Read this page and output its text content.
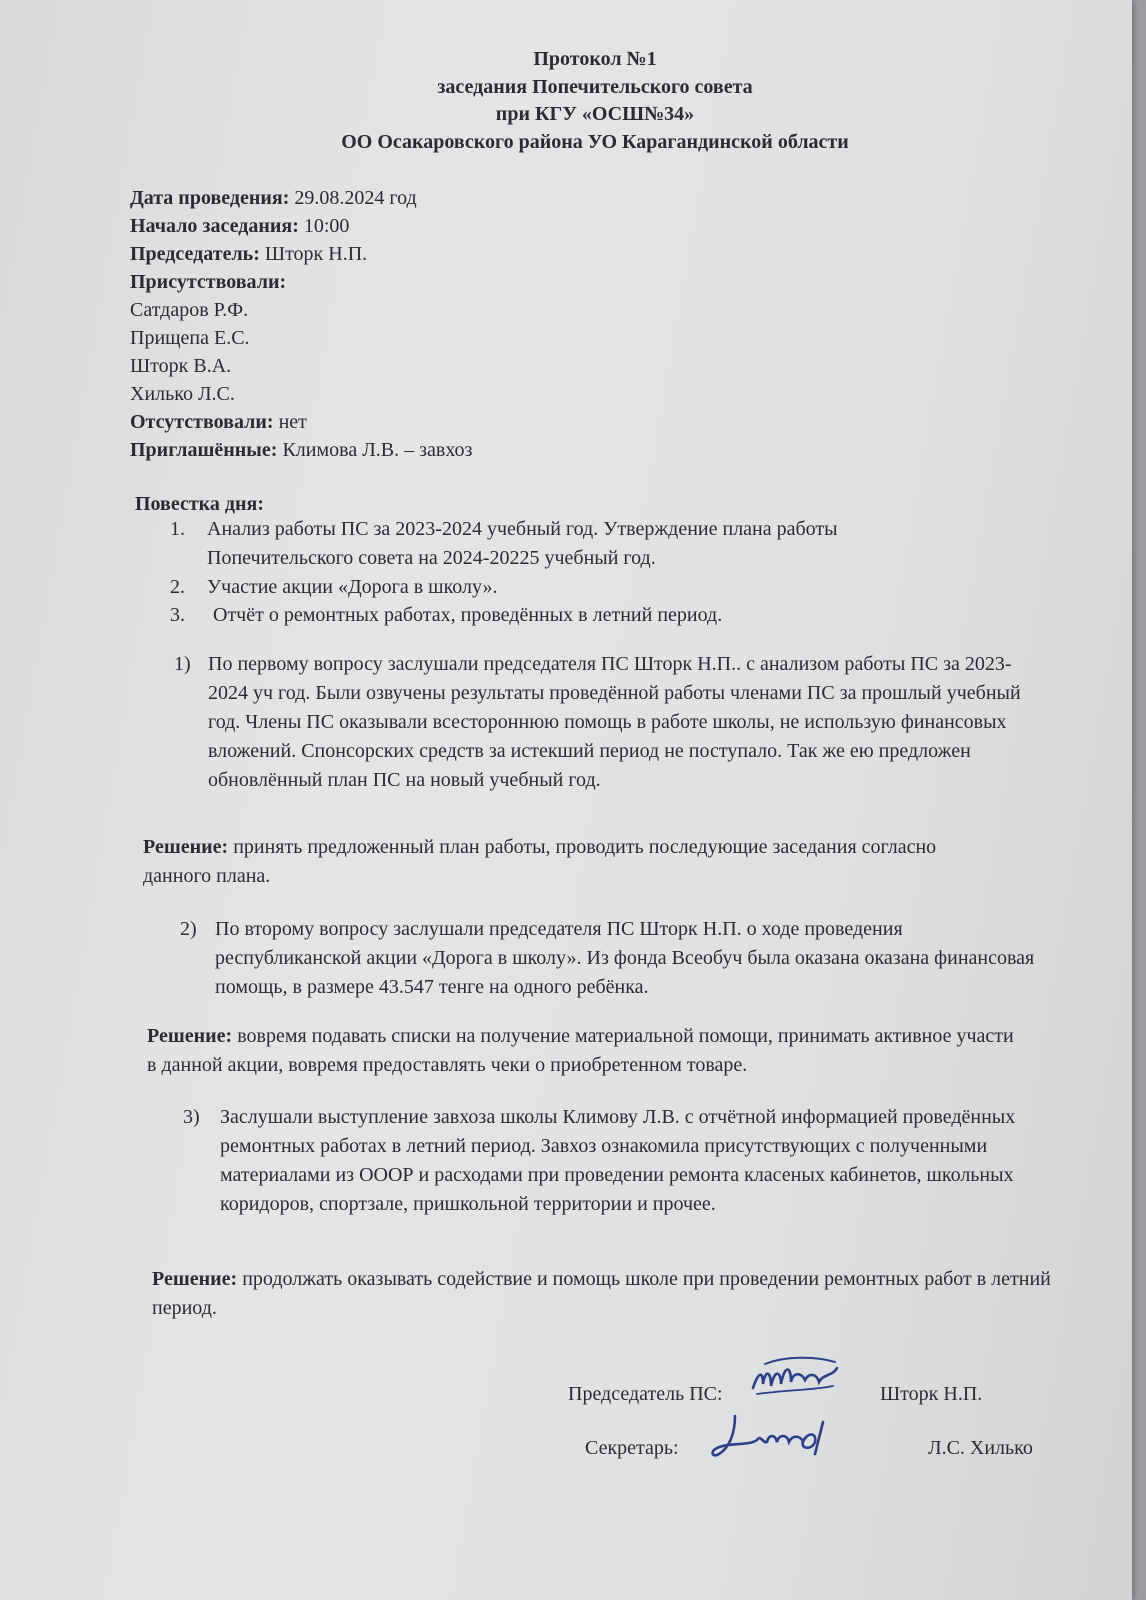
Протокол №1
заседания Попечительского совета
при КГУ «ОСШ№34»
ОО Осакаровского района УО Карагандинской области
Дата проведения: 29.08.2024 год
Начало заседания: 10:00
Председатель: Шторк Н.П.
Присутствовали:
Сатдаров Р.Ф.
Прищепа Е.С.
Шторк В.А.
Хилько Л.С.
Отсутствовали: нет
Приглашённые: Климова Л.В. – завхоз
Повестка дня:
1. Анализ работы ПС за 2023-2024 учебный год. Утверждение плана работы Попечительского совета на 2024-20225 учебный год.
2. Участие акции «Дорога в школу».
3. Отчёт о ремонтных работах, проведённых в летний период.
1) По первому вопросу заслушали председателя ПС Шторк Н.П.. с анализом работы ПС за 2023-2024 уч год. Были озвучены результаты проведённой работы членами ПС за прошлый учебный год. Члены ПС оказывали всестороннюю помощь в работе школы, не использую финансовых вложений. Спонсорских средств за истекший период не поступало. Так же ею предложен обновлённый план ПС на новый учебный год.
Решение: принять предложенный план работы, проводить последующие заседания согласно данного плана.
2) По второму вопросу заслушали председателя ПС Шторк Н.П. о ходе проведения республиканской акции «Дорога в школу». Из фонда Всеобуч была оказана оказана финансовая помощь, в размере 43.547 тенге на одного ребёнка.
Решение: вовремя подавать списки на получение материальной помощи, принимать активное участи в данной акции, вовремя предоставлять чеки о приобретенном товаре.
3) Заслушали выступление завхоза школы Климову Л.В. с отчётной информацией проведённых ремонтных работах в летний период. Завхоз ознакомила присутствующих с полученными материалами из ОООР и расходами при проведении ремонта класеных кабинетов, школьных коридоров, спортзале, пришкольной территории и прочее.
Решение: продолжать оказывать содействие и помощь школе при проведении ремонтных работ в летний период.
Председатель ПС:	Шторк Н.П.
Секретарь:	Л.С. Хилько
